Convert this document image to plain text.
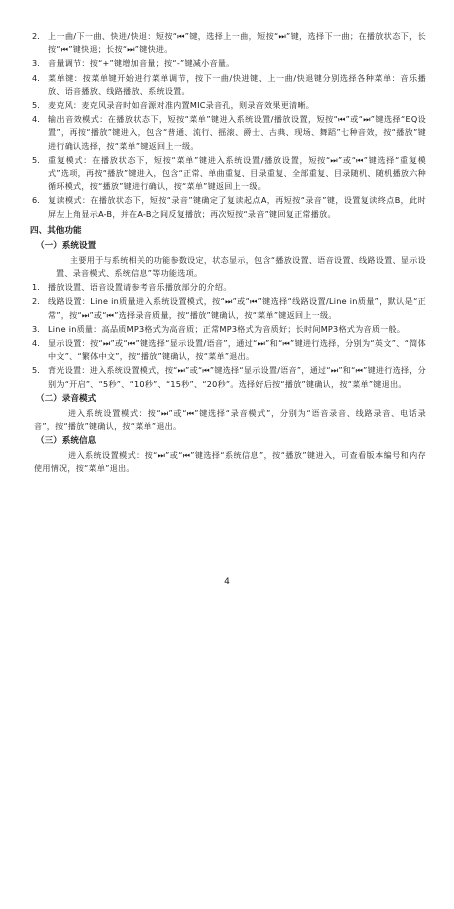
2.	上一曲/下一曲、快进/快退：短按“⏮”键，选择上一曲，短按“⏭”键，选择下一曲；在播放状态下，长按“⏮”键快退；长按“⏭”键快进。
3.	音量调节：按“+”键增加音量；按“-”键减小音量。
4.	菜单键：按菜单键开始进行菜单调节，按下一曲/快进键、上一曲/快退键分别选择各种菜单：音乐播放、语音播放、线路播放、系统设置。
5.	麦克风：麦克风录音时如音源对准内置MIC录音孔，则录音效果更清晰。
4.	输出音效模式：在播放状态下，短按“菜单”键进入系统设置/播放设置，短按“⏮”或“⏭”键选择“EQ设置”，再按“播放”键进入，包含“普通、流行、摇滚、爵士、古典、现场、舞蹈”七种音效，按“播放”键进行确认选择，按“菜单”键返回上一级。
5.	重复模式：在播放状态下，短按“菜单”键进入系统设置/播放设置，短按“⏭”或“⏮”键选择“重复模式”选项，再按“播放”键进入，包含“正常、单曲重复、目录重复、全部重复、目录随机、随机播放六种循环模式，按“播放”键进行确认，按“菜单”键返回上一级。
6.	复读模式：在播放状态下，短按“录音”键确定了复读起点A，再短按“录音”键，设置复读终点B，此时屏左上角显示A-B，并在A-B之间反复播放；再次短按“录音”键回复正常播放。
四、其他功能
（一）系统设置
主要用于与系统相关的功能参数设定，状态显示，包含“播放设置、语音设置、线路设置、显示设置、录音模式、系统信息”等功能选项。
1.	播放设置、语音设置请参考音乐播放部分的介绍。
2.	线路设置：Line in质量进入系统设置模式，按“⏭”或“⏮”键选择“线路设置/Line in质量”，默认是“正常”，按“⏭”或“⏮”选择录音质量，按“播放”键确认，按“菜单”键返回上一级。
3.	Line in质量：高品质MP3格式为高音质；正常MP3格式为音质好；长时间MP3格式为音质一般。
4.	显示设置：按“⏭”或“⏮”键选择“显示设置/语音”，通过“⏭”和“⏮”键进行选择，分别为“英文”、“简体中文”、“繁体中文”，按“播放”键确认，按“菜单”退出。
5.	背光设置：进入系统设置模式，按“⏭”或“⏮”键选择“显示设置/语音”，通过“⏭”和“⏮”键进行选择，分别为“开启”、“5秒”、“10秒”、“15秒”、“20秒”。选择好后按“播放”键确认，按“菜单”键退出。
（二）录音模式
进入系统设置模式：按“⏭”或“⏮”键选择“录音模式”，分别为“语音录音、线路录音、电话录音”，按“播放”键确认，按“菜单”退出。
（三）系统信息
进入系统设置模式：按“⏭”或“⏮”键选择“系统信息”，按“播放”键进入，可查看版本编号和内存使用情况，按“菜单”退出。
4
